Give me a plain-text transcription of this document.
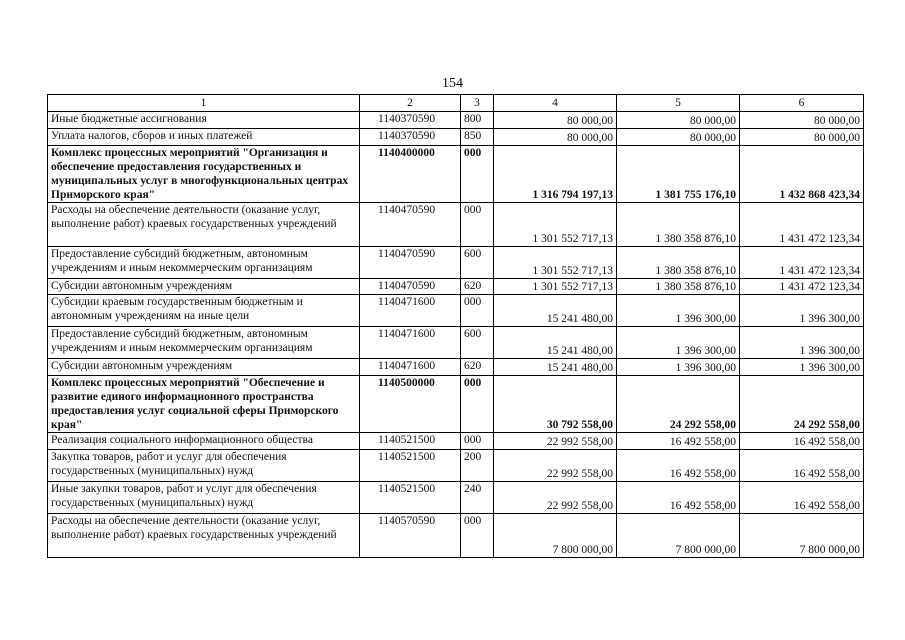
154
1	2	3	4	5	6
Иные бюджетные ассигнования	1140370590	800	80 000,00	80 000,00	80 000,00
Уплата налогов, сборов и иных платежей	1140370590	850	80 000,00	80 000,00	80 000,00
Комплекс процессных мероприятий "Организация и обеспечение предоставления государственных и муниципальных услуг в многофункциональных центрах Приморского края"	1140400000	000	1 316 794 197,13	1 381 755 176,10	1 432 868 423,34
Расходы на обеспечение деятельности (оказание услуг, выполнение работ) краевых государственных учреждений	1140470590	000	1 301 552 717,13	1 380 358 876,10	1 431 472 123,34
Предоставление субсидий бюджетным, автономным учреждениям и иным некоммерческим организациям	1140470590	600	1 301 552 717,13	1 380 358 876,10	1 431 472 123,34
Субсидии автономным учреждениям	1140470590	620	1 301 552 717,13	1 380 358 876,10	1 431 472 123,34
Субсидии краевым государственным бюджетным и автономным учреждениям на иные цели	1140471600	000	15 241 480,00	1 396 300,00	1 396 300,00
Предоставление субсидий бюджетным, автономным учреждениям и иным некоммерческим организациям	1140471600	600	15 241 480,00	1 396 300,00	1 396 300,00
Субсидии автономным учреждениям	1140471600	620	15 241 480,00	1 396 300,00	1 396 300,00
Комплекс процессных мероприятий "Обеспечение и развитие единого информационного пространства предоставления услуг социальной сферы Приморского края"	1140500000	000	30 792 558,00	24 292 558,00	24 292 558,00
Реализация социального информационного общества	1140521500	000	22 992 558,00	16 492 558,00	16 492 558,00
Закупка товаров, работ и услуг для обеспечения государственных (муниципальных) нужд	1140521500	200	22 992 558,00	16 492 558,00	16 492 558,00
Иные закупки товаров, работ и услуг для обеспечения государственных (муниципальных) нужд	1140521500	240	22 992 558,00	16 492 558,00	16 492 558,00
Расходы на обеспечение деятельности (оказание услуг, выполнение работ) краевых государственных учреждений	1140570590	000	7 800 000,00	7 800 000,00	7 800 000,00
